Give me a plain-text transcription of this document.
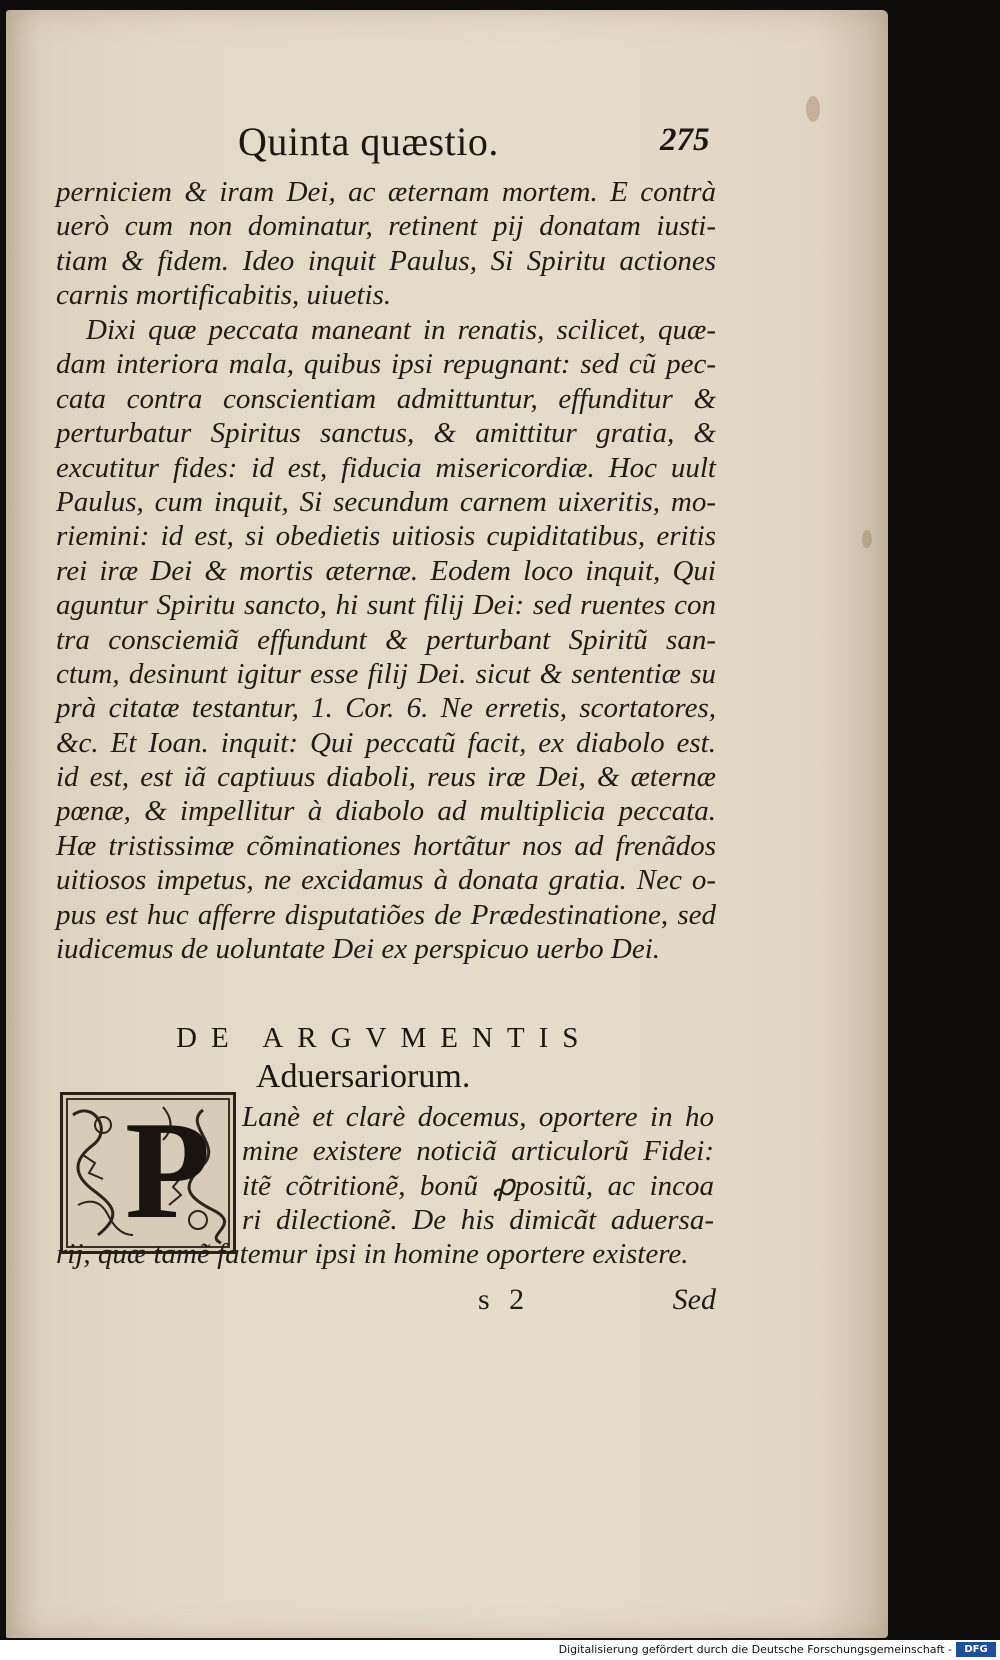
Quinta quæstio.	275
perniciem & iram Dei, ac æternam mortem. E contrà
uerò cum non dominatur, retinent pij donatam iusti-
tiam & fidem. Ideo inquit Paulus, Si Spiritu actiones
carnis mortificabitis, uiuetis.
Dixi quæ peccata maneant in renatis, scilicet, quæ-
dam interiora mala, quibus ipsi repugnant: sed cũ pec-
cata contra conscientiam admittuntur, effunditur &
perturbatur Spiritus sanctus, & amittitur gratia, &
excutitur fides: id est, fiducia misericordiæ. Hoc uult
Paulus, cum inquit, Si secundum carnem uixeritis, mo-
riemini: id est, si obedietis uitiosis cupiditatibus, eritis
rei iræ Dei & mortis æternæ. Eodem loco inquit, Qui
aguntur Spiritu sancto, hi sunt filij Dei: sed ruentes con
tra consciemiã effundunt & perturbant Spiritũ san-
ctum, desinunt igitur esse filij Dei. sicut & sententiæ su
prà citatæ testantur, 1. Cor. 6. Ne erretis, scortatores,
&c. Et Ioan. inquit: Qui peccatũ facit, ex diabolo est.
id est, est iã captiuus diaboli, reus iræ Dei, & æternæ
pœnæ, & impellitur à diabolo ad multiplicia peccata.
Hæ tristissimæ cõminationes hortãtur nos ad frenãdos
uitiosos impetus, ne excidamus à donata gratia. Nec o-
pus est huc afferre disputatiões de Prædestinatione, sed
iudicemus de uoluntate Dei ex perspicuo uerbo Dei.
DE ARGVMENTIS
Aduersariorum.
P Lanè et clarè docemus, oportere in ho
mine existere noticiã articulorũ Fidei:
itẽ cõtritionẽ, bonũ ꝓpositũ, ac incoa
ri dilectionẽ. De his dimicãt aduersa-
rij, quæ tamẽ fatemur ipsi in homine oportere existere.
s 2	Sed
Digitalisierung gefördert durch die Deutsche Forschungsgemeinschaft -	DFG
